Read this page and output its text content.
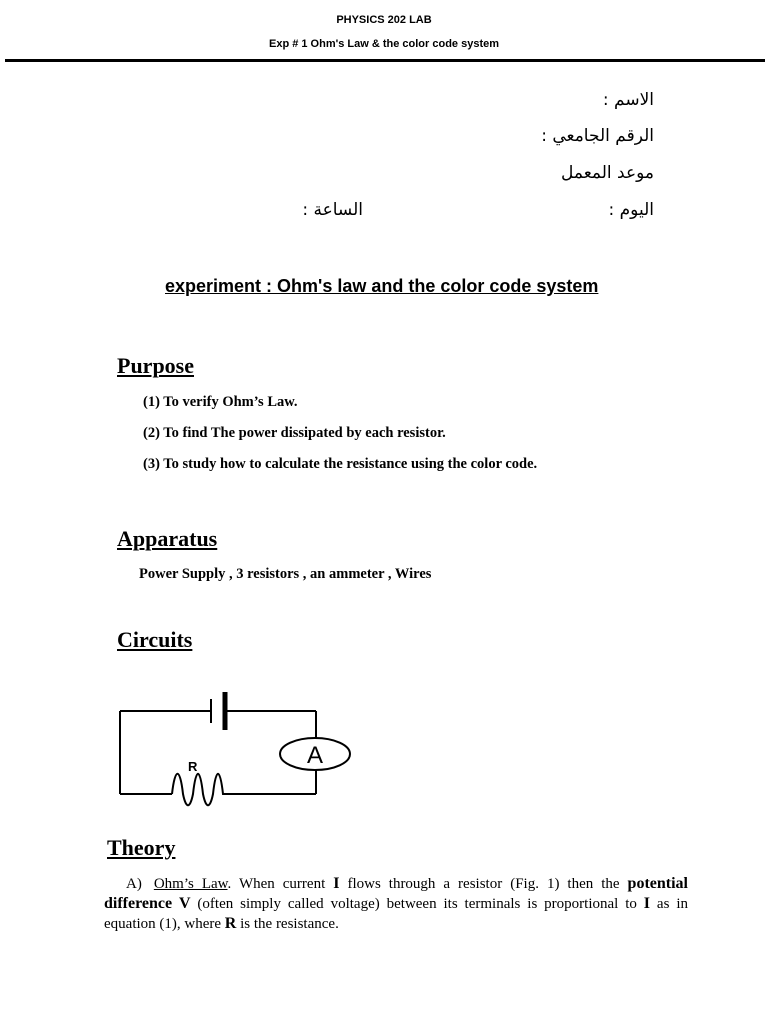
PHYSICS 202 LAB
Exp # 1 Ohm's Law & the color code system
الاسم :
الرقم الجامعي :
موعد المعمل
اليوم :
الساعة :
experiment : Ohm's law and the color code system
Purpose
(1) To verify Ohm’s Law.
(2) To find The power dissipated by each resistor.
(3) To study how to calculate the resistance using the color code.
Apparatus
Power Supply , 3 resistors , an ammeter , Wires
Circuits
R	A
Theory
A) Ohm’s Law. When current I flows through a resistor (Fig. 1) then the potential difference V (often simply called voltage) between its terminals is proportional to I as in equation (1), where R is the resistance.
